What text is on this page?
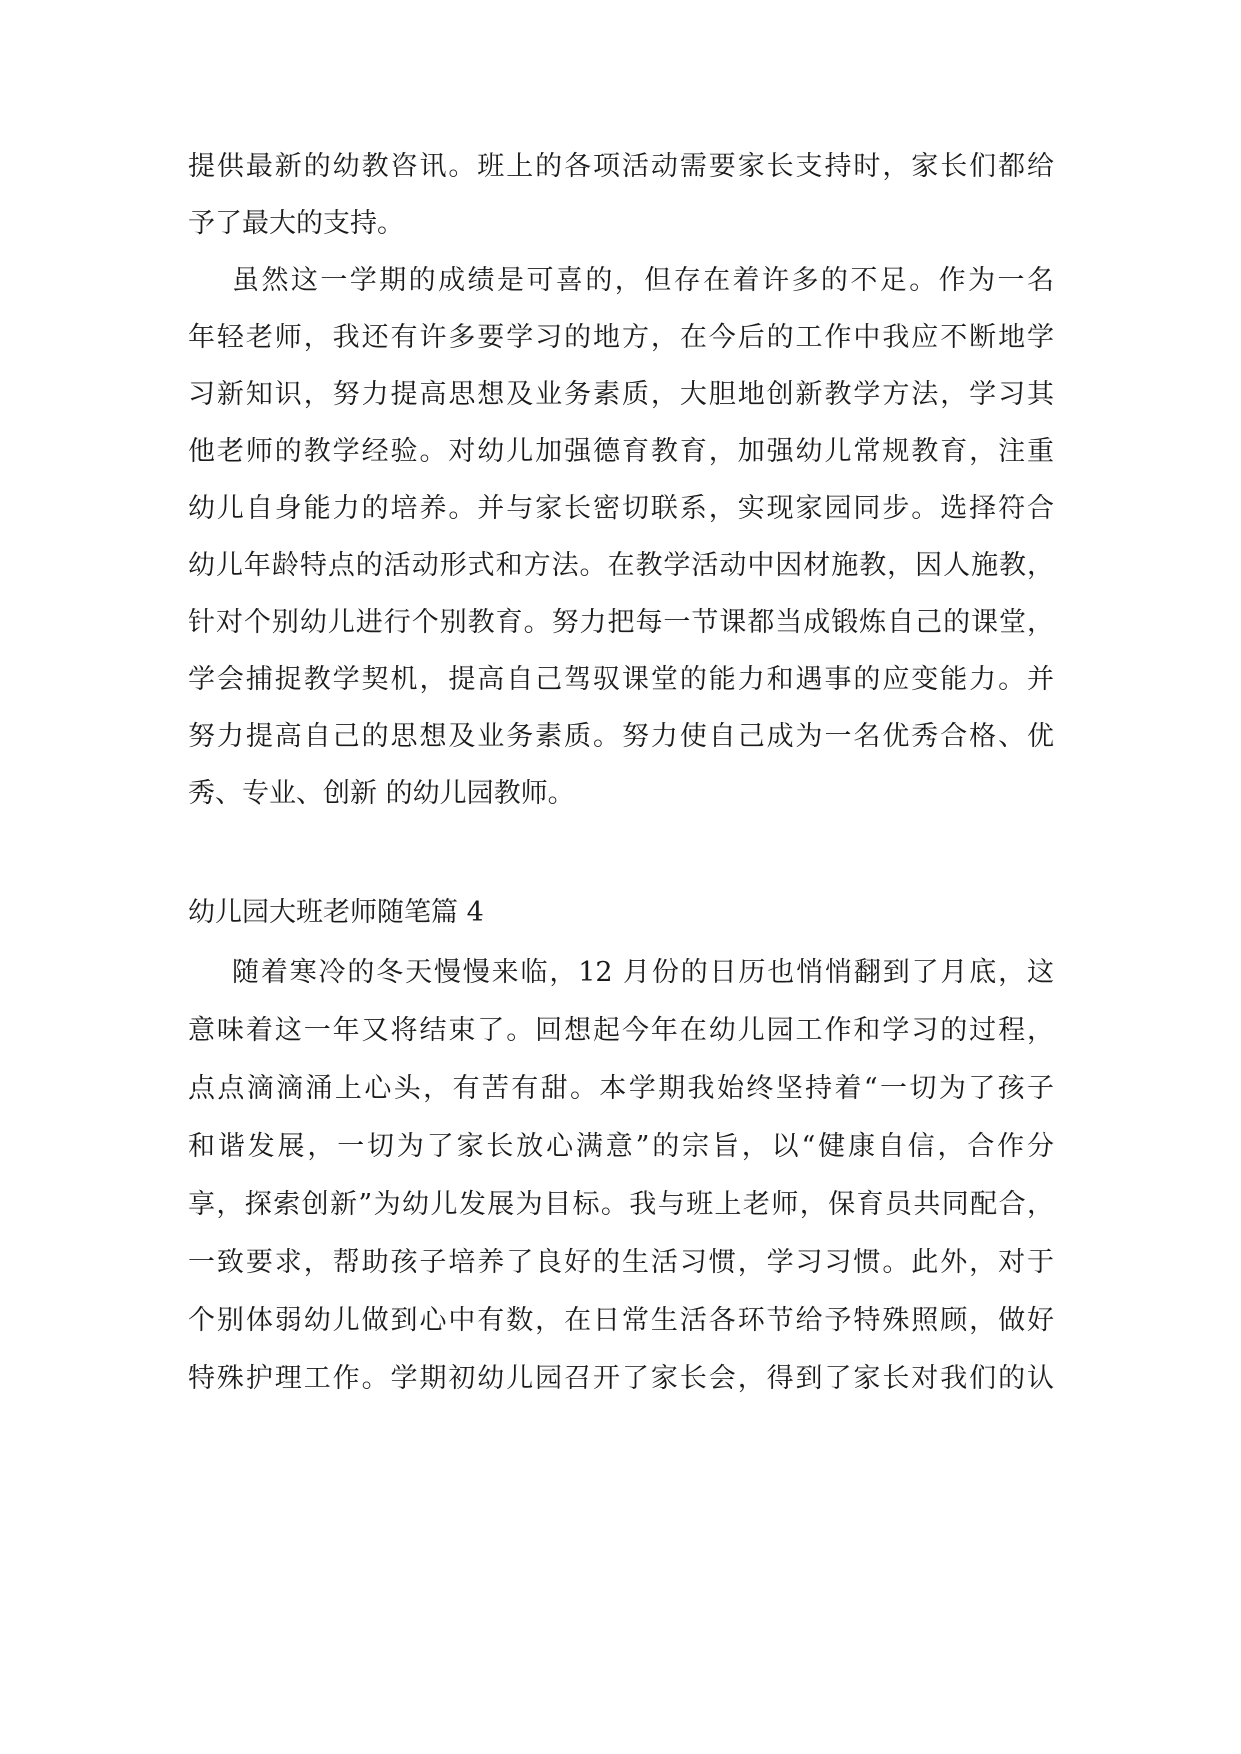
提供最新的幼教咨讯。班上的各项活动需要家长支持时，家长们都给
予了最大的支持。
虽然这一学期的成绩是可喜的，但存在着许多的不足。作为一名
年轻老师，我还有许多要学习的地方，在今后的工作中我应不断地学
习新知识，努力提高思想及业务素质，大胆地创新教学方法，学习其
他老师的教学经验。对幼儿加强德育教育，加强幼儿常规教育，注重
幼儿自身能力的培养。并与家长密切联系，实现家园同步。选择符合
幼儿年龄特点的活动形式和方法。在教学活动中因材施教，因人施教，
针对个别幼儿进行个别教育。努力把每一节课都当成锻炼自己的课堂，
学会捕捉教学契机，提高自己驾驭课堂的能力和遇事的应变能力。并
努力提高自己的思想及业务素质。努力使自己成为一名优秀合格、优
秀、专业、创新 的幼儿园教师。
幼儿园大班老师随笔篇 4
随着寒冷的冬天慢慢来临，12 月份的日历也悄悄翻到了月底，这
意味着这一年又将结束了。回想起今年在幼儿园工作和学习的过程，
点点滴滴涌上心头，有苦有甜。本学期我始终坚持着“一切为了孩子
和谐发展，一切为了家长放心满意”的宗旨，以“健康自信，合作分
享，探索创新”为幼儿发展为目标。我与班上老师，保育员共同配合，
一致要求，帮助孩子培养了良好的生活习惯，学习习惯。此外，对于
个别体弱幼儿做到心中有数，在日常生活各环节给予特殊照顾，做好
特殊护理工作。学期初幼儿园召开了家长会，得到了家长对我们的认
